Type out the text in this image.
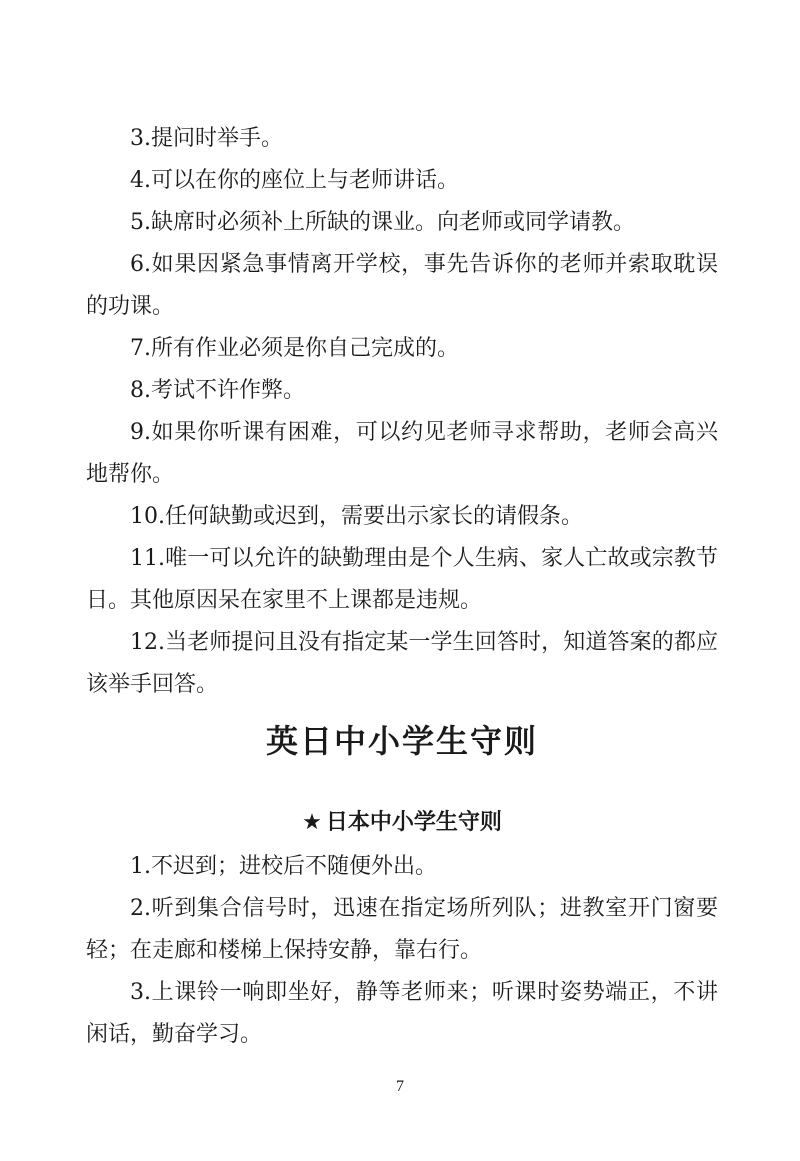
3.提问时举手。

4.可以在你的座位上与老师讲话。

5.缺席时必须补上所缺的课业。向老师或同学请教。

6.如果因紧急事情离开学校，事先告诉你的老师并索取耽误的功课。

7.所有作业必须是你自己完成的。

8.考试不许作弊。

9.如果你听课有困难，可以约见老师寻求帮助，老师会高兴地帮你。

10.任何缺勤或迟到，需要出示家长的请假条。

11.唯一可以允许的缺勤理由是个人生病、家人亡故或宗教节日。其他原因呆在家里不上课都是违规。

12.当老师提问且没有指定某一学生回答时，知道答案的都应该举手回答。

英日中小学生守则
★ 日本中小学生守则

1.不迟到；进校后不随便外出。

2.听到集合信号时，迅速在指定场所列队；进教室开门窗要轻；在走廊和楼梯上保持安静，靠右行。

3.上课铃一响即坐好，静等老师来；听课时姿势端正，不讲闲话，勤奋学习。

7
